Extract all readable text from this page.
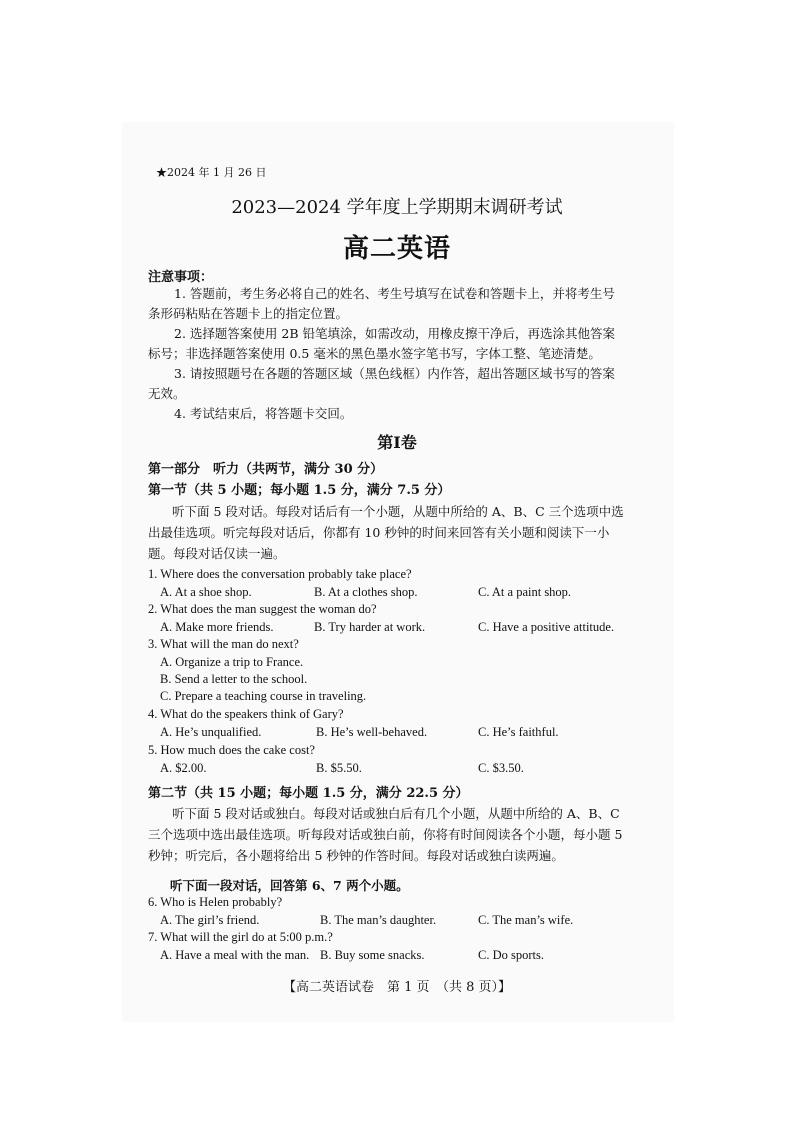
★2024 年 1 月 26 日
2023—2024 学年度上学期期末调研考试
高二英语
注意事项：

1. 答题前，考生务必将自己的姓名、考生号填写在试卷和答题卡上，并将考生号条形码粘贴在答题卡上的指定位置。

2. 选择题答案使用 2B 铅笔填涂，如需改动，用橡皮擦干净后，再选涂其他答案标号；非选择题答案使用 0.5 毫米的黑色墨水签字笔书写，字体工整、笔迹清楚。

3. 请按照题号在各题的答题区域（黑色线框）内作答，超出答题区域书写的答案无效。

4. 考试结束后，将答题卡交回。

第Ⅰ卷
第一部分　听力（共两节，满分 30 分）
第一节（共 5 小题；每小题 1.5 分，满分 7.5 分）
听下面 5 段对话。每段对话后有一个小题，从题中所给的 A、B、C 三个选项中选出最佳选项。听完每段对话后，你都有 10 秒钟的时间来回答有关小题和阅读下一小题。每段对话仅读一遍。
1. Where does the conversation probably take place?
A. At a shoe shop.	B. At a clothes shop.	C. At a paint shop.
2. What does the man suggest the woman do?
A. Make more friends.	B. Try harder at work.	C. Have a positive attitude.
3. What will the man do next?
A. Organize a trip to France.
B. Send a letter to the school.
C. Prepare a teaching course in traveling.
4. What do the speakers think of Gary?
A. He’s unqualified.	B. He’s well-behaved.	C. He’s faithful.
5. How much does the cake cost?
A. $2.00.	B. $5.50.	C. $3.50.
第二节（共 15 小题；每小题 1.5 分，满分 22.5 分）

听下面 5 段对话或独白。每段对话或独白后有几个小题，从题中所给的 A、B、C 三个选项中选出最佳选项。听每段对话或独白前，你将有时间阅读各个小题，每小题 5 秒钟；听完后，各小题将给出 5 秒钟的作答时间。每段对话或独白读两遍。

听下面一段对话，回答第 6、7 两个小题。
6. Who is Helen probably?
A. The girl’s friend.	B. The man’s daughter.	C. The man’s wife.
7. What will the girl do at 5:00 p.m.?
A. Have a meal with the man. B. Buy some snacks.	C. Do sports.
【高二英语试卷　第 1 页　（共 8 页）】
